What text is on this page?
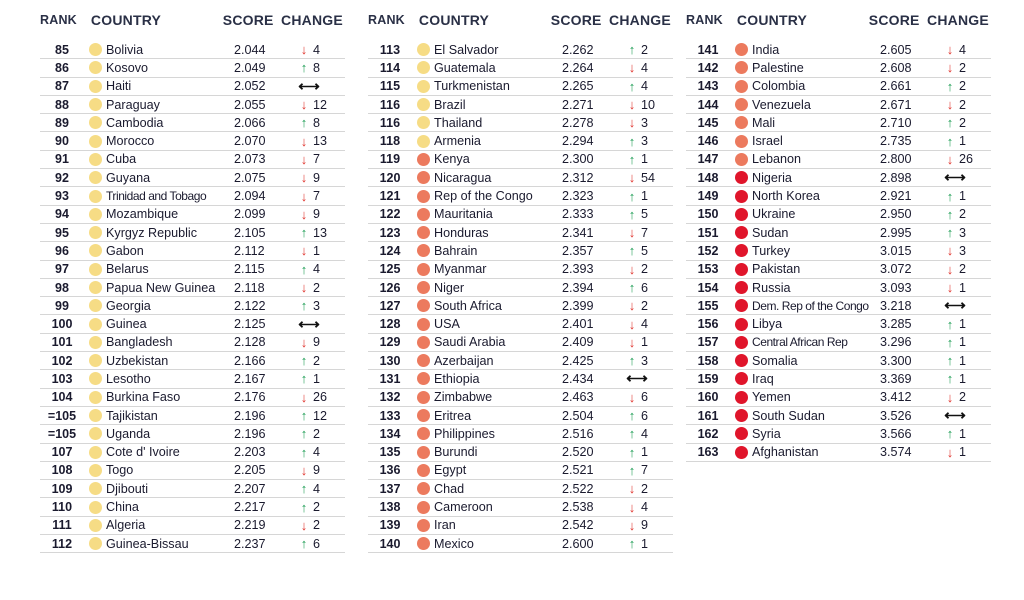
RANK	COUNTRY	SCORE CHANGE
85	Bolivia	2.044	↓ 4
86	Kosovo	2.049	↑ 8
87	Haiti	2.052	⟷
88	Paraguay	2.055	↓ 12
89	Cambodia	2.066	↑ 8
90	Morocco	2.070	↓ 13
91	Cuba	2.073	↓ 7
92	Guyana	2.075	↓ 9
93	Trinidad and Tobago	2.094	↓ 7
94	Mozambique	2.099	↓ 9
95	Kyrgyz Republic	2.105	↑ 13
96	Gabon	2.112	↓ 1
97	Belarus	2.115	↑ 4
98	Papua New Guinea	2.118	↓ 2
99	Georgia	2.122	↑ 3
100	Guinea	2.125	⟷
101	Bangladesh	2.128	↓ 9
102	Uzbekistan	2.166	↑ 2
103	Lesotho	2.167	↑ 1
104	Burkina Faso	2.176	↓ 26
=105	Tajikistan	2.196	↑ 12
=105	Uganda	2.196	↑ 2
107	Cote d' Ivoire	2.203	↑ 4
108	Togo	2.205	↓ 9
109	Djibouti	2.207	↑ 4
110	China	2.217	↑ 2
111	Algeria	2.219	↓ 2
112	Guinea-Bissau	2.237	↑ 6
RANK	COUNTRY	SCORE CHANGE
113	El Salvador	2.262	↑ 2
114	Guatemala	2.264	↓ 4
115	Turkmenistan	2.265	↑ 4
116	Brazil	2.271	↓ 10
116	Thailand	2.278	↓ 3
118	Armenia	2.294	↑ 3
119	Kenya	2.300	↑ 1
120	Nicaragua	2.312	↓ 54
121	Rep of the Congo	2.323	↑ 1
122	Mauritania	2.333	↑ 5
123	Honduras	2.341	↓ 7
124	Bahrain	2.357	↑ 5
125	Myanmar	2.393	↓ 2
126	Niger	2.394	↑ 6
127	South Africa	2.399	↓ 2
128	USA	2.401	↓ 4
129	Saudi Arabia	2.409	↓ 1
130	Azerbaijan	2.425	↑ 3
131	Ethiopia	2.434	⟷
132	Zimbabwe	2.463	↓ 6
133	Eritrea	2.504	↑ 6
134	Philippines	2.516	↑ 4
135	Burundi	2.520	↑ 1
136	Egypt	2.521	↑ 7
137	Chad	2.522	↓ 2
138	Cameroon	2.538	↓ 4
139	Iran	2.542	↓ 9
140	Mexico	2.600	↑ 1
RANK	COUNTRY	SCORE CHANGE
141	India	2.605	↓ 4
142	Palestine	2.608	↓ 2
143	Colombia	2.661	↑ 2
144	Venezuela	2.671	↓ 2
145	Mali	2.710	↑ 2
146	Israel	2.735	↑ 1
147	Lebanon	2.800	↓ 26
148	Nigeria	2.898	⟷
149	North Korea	2.921	↑ 1
150	Ukraine	2.950	↑ 2
151	Sudan	2.995	↑ 3
152	Turkey	3.015	↓ 3
153	Pakistan	3.072	↓ 2
154	Russia	3.093	↓ 1
155	Dem. Rep of the Congo 3.218	⟷
156	Libya	3.285	↑ 1
157	Central African Rep	3.296	↑ 1
158	Somalia	3.300	↑ 1
159	Iraq	3.369	↑ 1
160	Yemen	3.412	↓ 2
161	South Sudan	3.526	⟷
162	Syria	3.566	↑ 1
163	Afghanistan	3.574	↓ 1
